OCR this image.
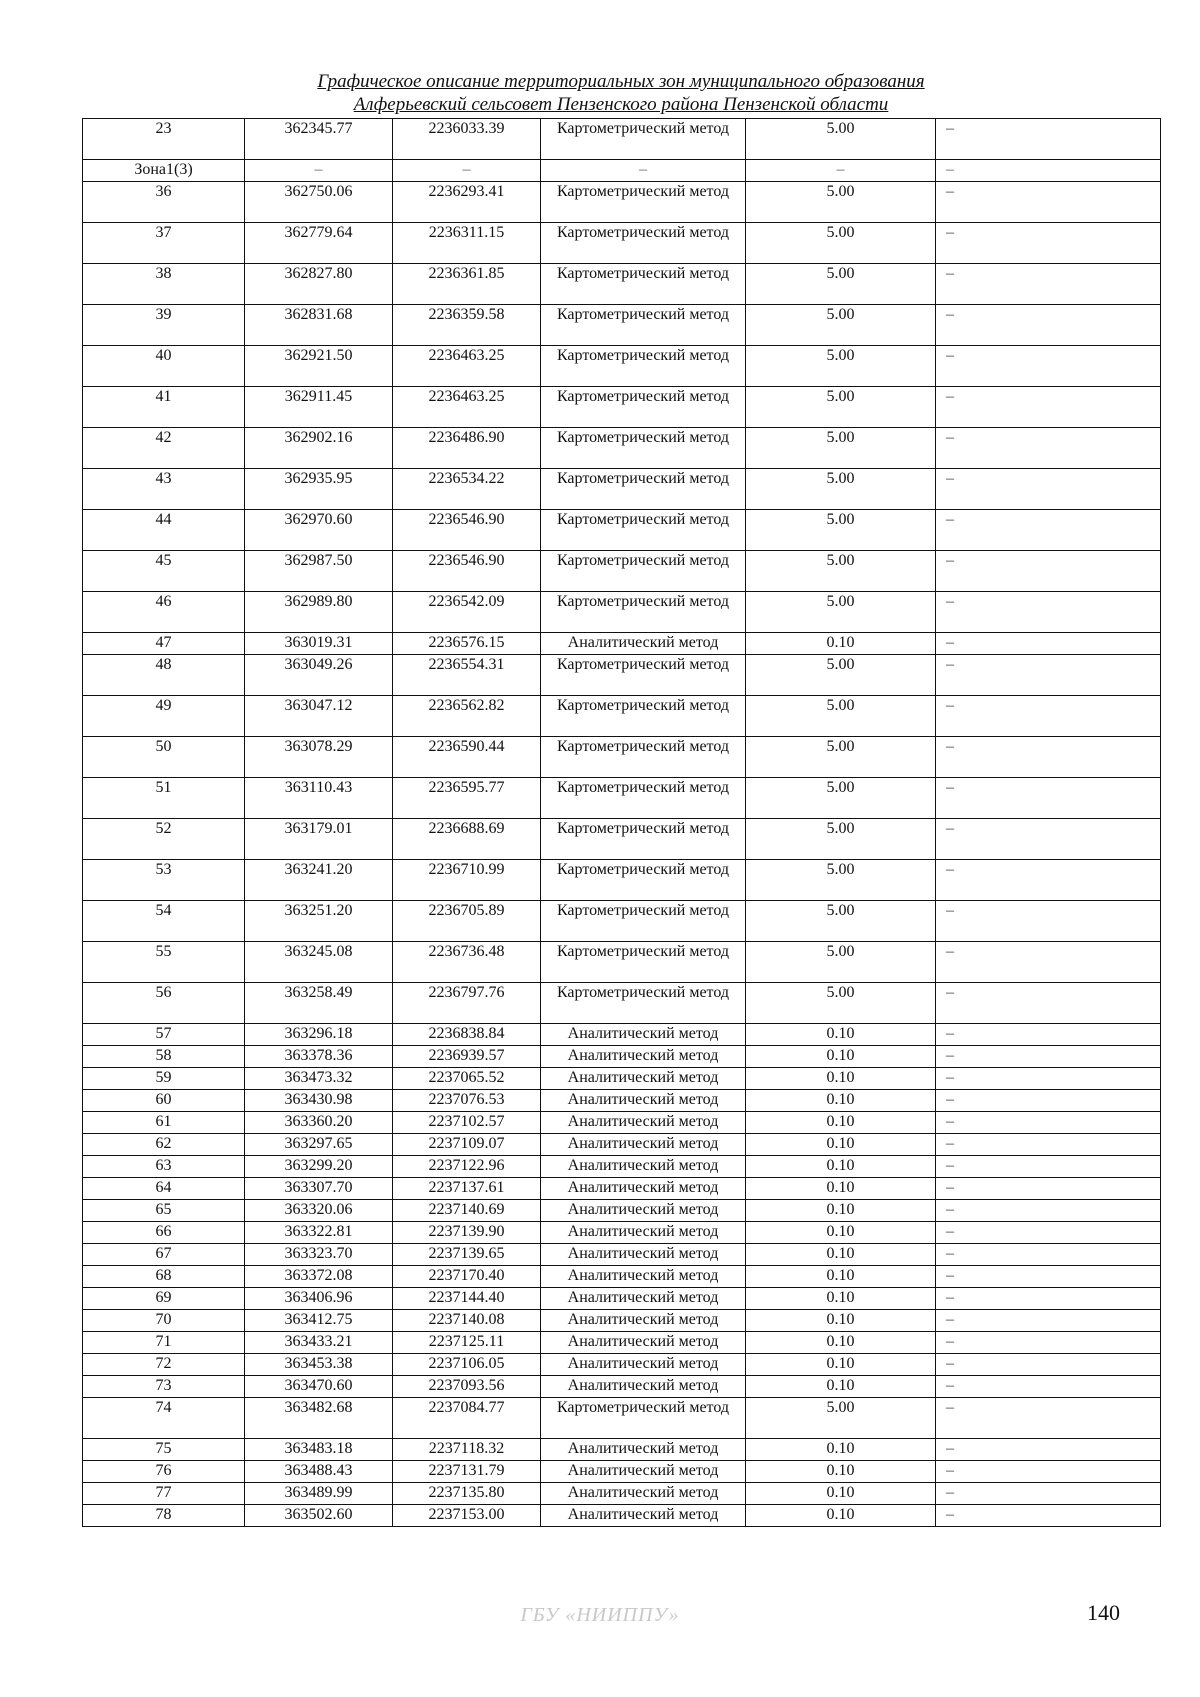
Графическое описание территориальных зон муниципального образования
Алферьевский сельсовет Пензенского района Пензенской области
23	362345.77	2236033.39	Картометрический метод	5.00	–
Зона1(3)	–	–	–	–	–
36	362750.06	2236293.41	Картометрический метод	5.00	–
37	362779.64	2236311.15	Картометрический метод	5.00	–
38	362827.80	2236361.85	Картометрический метод	5.00	–
39	362831.68	2236359.58	Картометрический метод	5.00	–
40	362921.50	2236463.25	Картометрический метод	5.00	–
41	362911.45	2236463.25	Картометрический метод	5.00	–
42	362902.16	2236486.90	Картометрический метод	5.00	–
43	362935.95	2236534.22	Картометрический метод	5.00	–
44	362970.60	2236546.90	Картометрический метод	5.00	–
45	362987.50	2236546.90	Картометрический метод	5.00	–
46	362989.80	2236542.09	Картометрический метод	5.00	–
47	363019.31	2236576.15	Аналитический метод	0.10	–
48	363049.26	2236554.31	Картометрический метод	5.00	–
49	363047.12	2236562.82	Картометрический метод	5.00	–
50	363078.29	2236590.44	Картометрический метод	5.00	–
51	363110.43	2236595.77	Картометрический метод	5.00	–
52	363179.01	2236688.69	Картометрический метод	5.00	–
53	363241.20	2236710.99	Картометрический метод	5.00	–
54	363251.20	2236705.89	Картометрический метод	5.00	–
55	363245.08	2236736.48	Картометрический метод	5.00	–
56	363258.49	2236797.76	Картометрический метод	5.00	–
57	363296.18	2236838.84	Аналитический метод	0.10	–
58	363378.36	2236939.57	Аналитический метод	0.10	–
59	363473.32	2237065.52	Аналитический метод	0.10	–
60	363430.98	2237076.53	Аналитический метод	0.10	–
61	363360.20	2237102.57	Аналитический метод	0.10	–
62	363297.65	2237109.07	Аналитический метод	0.10	–
63	363299.20	2237122.96	Аналитический метод	0.10	–
64	363307.70	2237137.61	Аналитический метод	0.10	–
65	363320.06	2237140.69	Аналитический метод	0.10	–
66	363322.81	2237139.90	Аналитический метод	0.10	–
67	363323.70	2237139.65	Аналитический метод	0.10	–
68	363372.08	2237170.40	Аналитический метод	0.10	–
69	363406.96	2237144.40	Аналитический метод	0.10	–
70	363412.75	2237140.08	Аналитический метод	0.10	–
71	363433.21	2237125.11	Аналитический метод	0.10	–
72	363453.38	2237106.05	Аналитический метод	0.10	–
73	363470.60	2237093.56	Аналитический метод	0.10	–
74	363482.68	2237084.77	Картометрический метод	5.00	–
75	363483.18	2237118.32	Аналитический метод	0.10	–
76	363488.43	2237131.79	Аналитический метод	0.10	–
77	363489.99	2237135.80	Аналитический метод	0.10	–
78	363502.60	2237153.00	Аналитический метод	0.10	–
ГБУ «НИИППУ»	140
